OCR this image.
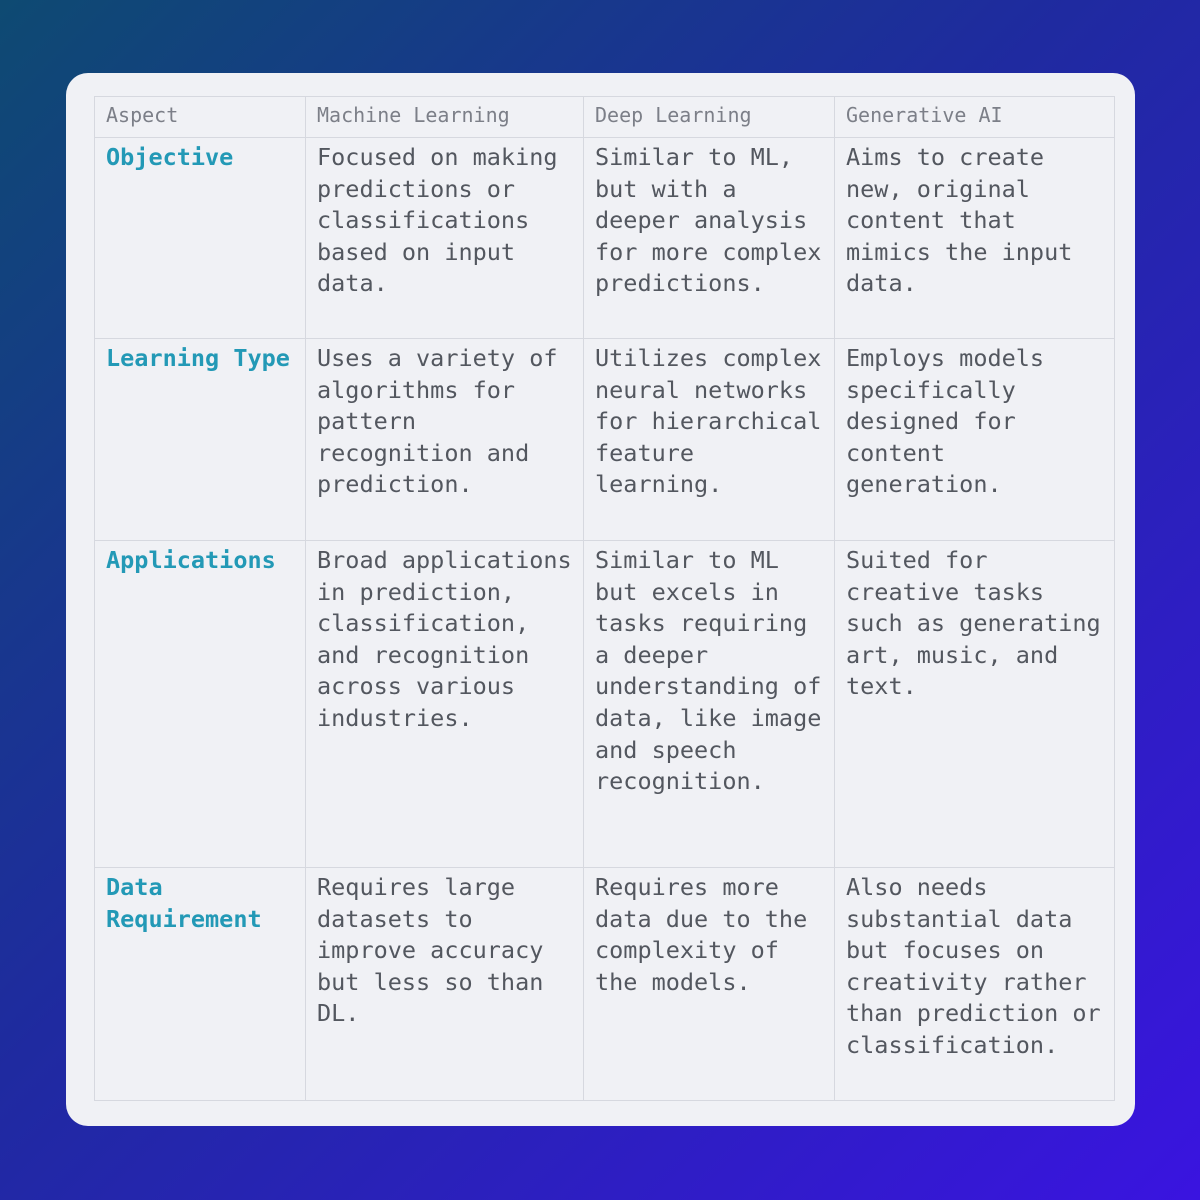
Aspect	Machine Learning	Deep Learning	Generative AI
Objective	Focused on making predictions or classifications based on input data.	Similar to ML, but with a deeper analysis for more complex predictions.	Aims to create new, original content that mimics the input data.
Learning Type	Uses a variety of algorithms for pattern recognition and prediction.	Utilizes complex neural networks for hierarchical feature learning.	Employs models specifically designed for content generation.
Applications	Broad applications in prediction, classification, and recognition across various industries.	Similar to ML but excels in tasks requiring a deeper understanding of data, like image and speech recognition.	Suited for creative tasks such as generating art, music, and text.
Data Requirement	Requires large datasets to improve accuracy but less so than DL.	Requires more data due to the complexity of the models.	Also needs substantial data but focuses on creativity rather than prediction or classification.
